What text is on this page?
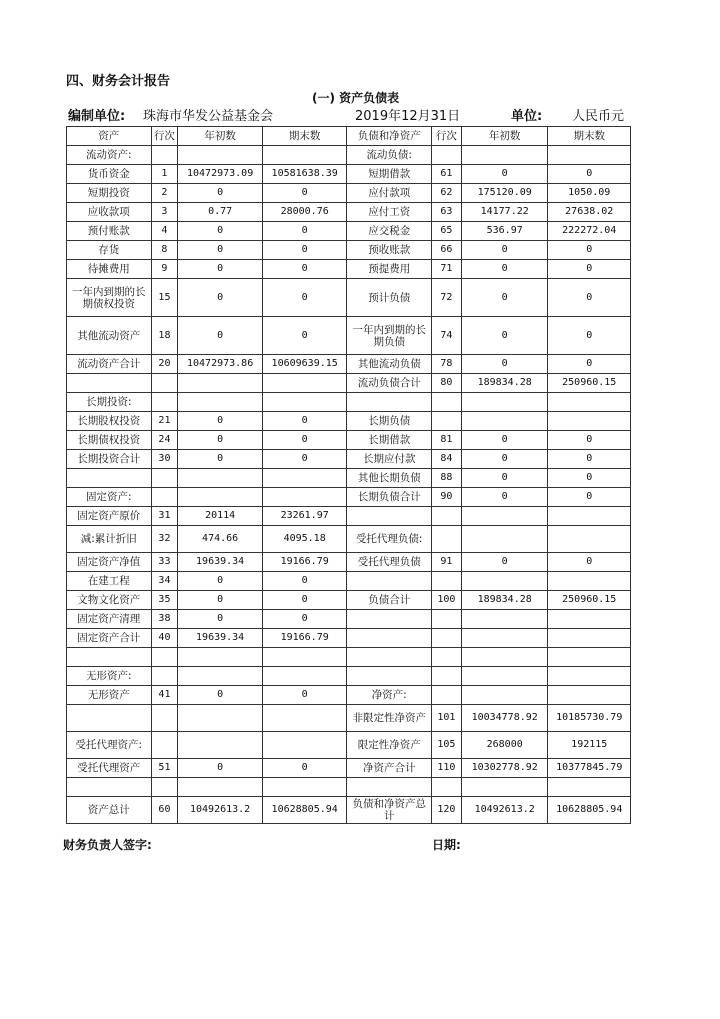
四、财务会计报告
(一) 资产负债表
编制单位: 珠海市华发公益基金会	2019年12月31日	单位: 人民币元
资产	行次	年初数	期末数	负债和净资产	行次	年初数	期末数
流动资产:				流动负债:			
货币资金	1	10472973.09	10581638.39	短期借款	61	0	0
短期投资	2	0	0	应付款项	62	175120.09	1050.09
应收款项	3	0.77	28000.76	应付工资	63	14177.22	27638.02
预付账款	4	0	0	应交税金	65	536.97	222272.04
存货	8	0	0	预收账款	66	0	0
待摊费用	9	0	0	预提费用	71	0	0
一年内到期的长期债权投资	15	0	0	预计负债	72	0	0
其他流动资产	18	0	0	一年内到期的长期负债	74	0	0
流动资产合计	20	10472973.86	10609639.15	其他流动负债	78	0	0
				流动负债合计	80	189834.28	250960.15
长期投资:							
长期股权投资	21	0	0	长期负债			
长期债权投资	24	0	0	长期借款	81	0	0
长期投资合计	30	0	0	长期应付款	84	0	0
				其他长期负债	88	0	0
固定资产:				长期负债合计	90	0	0
固定资产原价	31	20114	23261.97				
减:累计折旧	32	474.66	4095.18	受托代理负债:			
固定资产净值	33	19639.34	19166.79	受托代理负债	91	0	0
在建工程	34	0	0				
文物文化资产	35	0	0	负债合计	100	189834.28	250960.15
固定资产清理	38	0	0				
固定资产合计	40	19639.34	19166.79				

无形资产:							
无形资产	41	0	0	净资产:			
				非限定性净资产	101	10034778.92	10185730.79
受托代理资产:				限定性净资产	105	268000	192115
受托代理资产	51	0	0	净资产合计	110	10302778.92	10377845.79

资产总计	60	10492613.2	10628805.94	负债和净资产总计	120	10492613.2	10628805.94
财务负责人签字:	日期:
